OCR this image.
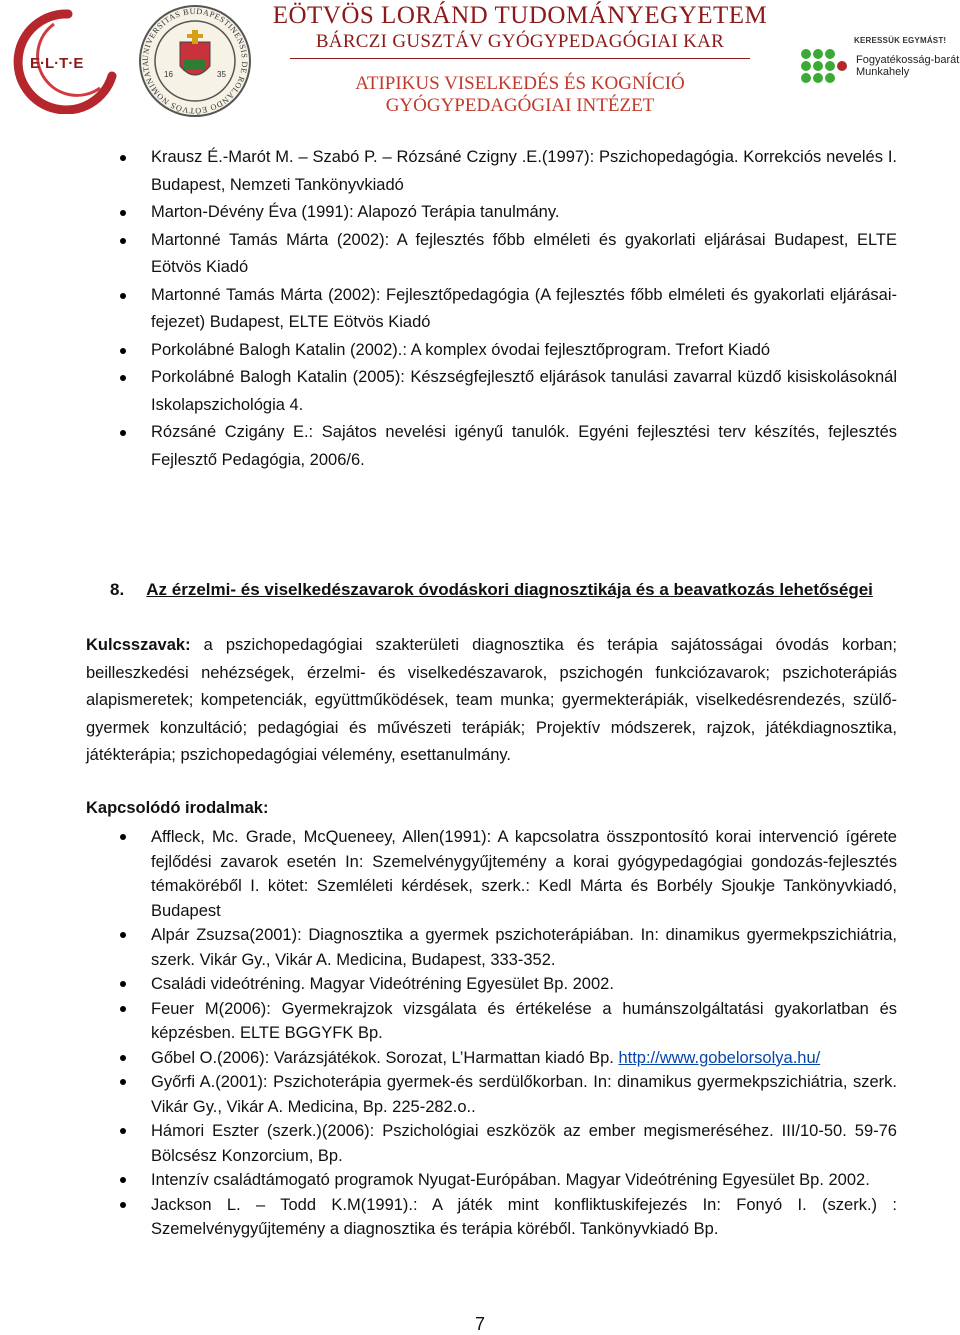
E·L·T·E	UNIVERSITAS BUDAPESTINENSIS DE ROLANDO EÖTVÖS NOMINATA
16	35
EÖTVÖS LORÁND TUDOMÁNYEGYETEM
BÁRCZI GUSZTÁV GYÓGYPEDAGÓGIAI KAR
ATIPIKUS VISELKEDÉS ÉS KOGNÍCIÓ
GYÓGYPEDAGÓGIAI INTÉZET
KERESSÜK EGYMÁST!
Fogyatékosság-barát
Munkahely
Krausz É.-Marót M. – Szabó P. – Rózsáné Czigny .E.(1997): Pszichopedagógia. Korrekciós nevelés I. Budapest, Nemzeti Tankönyvkiadó
Marton-Dévény Éva (1991): Alapozó Terápia tanulmány.
Martonné Tamás Márta (2002): A fejlesztés főbb elméleti és gyakorlati eljárásai Budapest, ELTE Eötvös Kiadó
Martonné Tamás Márta (2002): Fejlesztőpedagógia (A fejlesztés főbb elméleti és gyakorlati eljárásai-fejezet) Budapest, ELTE Eötvös Kiadó
Porkolábné Balogh Katalin (2002).: A komplex óvodai fejlesztőprogram. Trefort Kiadó
Porkolábné Balogh Katalin (2005): Készségfejlesztő eljárások tanulási zavarral küzdő kisiskolásoknál Iskolapszichológia 4.
Rózsáné Czigány E.: Sajátos nevelési igényű tanulók. Egyéni fejlesztési terv készítés, fejlesztés Fejlesztő Pedagógia, 2006/6.
8. Az érzelmi- és viselkedészavarok óvodáskori diagnosztikája és a beavatkozás lehetőségei
Kulcsszavak: a pszichopedagógiai szakterületi diagnosztika és terápia sajátosságai óvodás korban; beilleszkedési nehézségek, érzelmi- és viselkedészavarok, pszichogén funkciózavarok; pszichoterápiás alapismeretek; kompetenciák, együttműködések, team munka; gyermekterápiák, viselkedésrendezés, szülő-gyermek konzultáció; pedagógiai és művészeti terápiák; Projektív módszerek, rajzok, játékdiagnosztika, játékterápia; pszichopedagógiai vélemény, esettanulmány.
Kapcsolódó irodalmak:
Affleck, Mc. Grade, McQueneey, Allen(1991): A kapcsolatra összpontosító korai intervenció ígérete fejlődési zavarok esetén In: Szemelvénygyűjtemény a korai gyógypedagógiai gondozás-fejlesztés témaköréből I. kötet: Szemléleti kérdések, szerk.: Kedl Márta és Borbély Sjoukje Tankönyvkiadó, Budapest
Alpár Zsuzsa(2001): Diagnosztika a gyermek pszichoterápiában. In: dinamikus gyermekpszichiátria, szerk. Vikár Gy., Vikár A. Medicina, Budapest, 333-352.
Családi videótréning. Magyar Videótréning Egyesület Bp. 2002.
Feuer M(2006): Gyermekrajzok vizsgálata és értékelése a humánszolgáltatási gyakorlatban és képzésben. ELTE BGGYFK Bp.
Gőbel O.(2006): Varázsjátékok. Sorozat, L’Harmattan kiadó Bp. http://www.gobelorsolya.hu/
Győrfi A.(2001): Pszichoterápia gyermek-és serdülőkorban. In: dinamikus gyermekpszichiátria, szerk. Vikár Gy., Vikár A. Medicina, Bp. 225-282.o..
Hámori Eszter (szerk.)(2006): Pszichológiai eszközök az ember megismeréséhez. III/10-50. 59-76 Bölcsész Konzorcium, Bp.
Intenzív családtámogató programok Nyugat-Európában. Magyar Videótréning Egyesület Bp. 2002.
Jackson L. – Todd K.M(1991).: A játék mint konfliktuskifejezés In: Fonyó I. (szerk.) : Szemelvénygyűjtemény a diagnosztika és terápia köréből. Tankönyvkiadó Bp.
7
